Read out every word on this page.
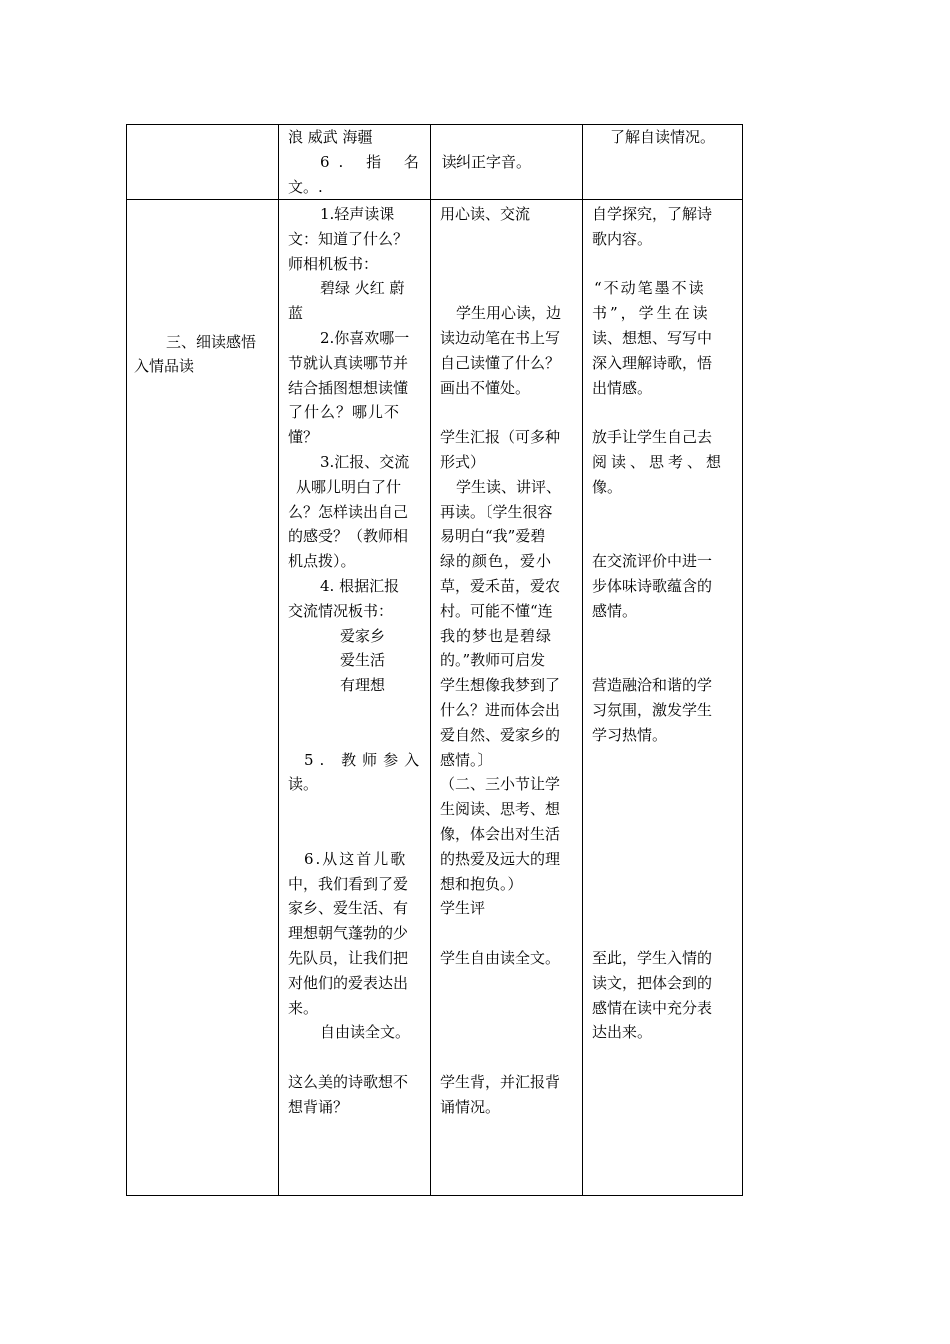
浪 威武 海疆
6. 指 名 读
文。.
纠正字音。
了解自读情况。
三、细读感悟
入情品读
1.轻声读课
文：知道了什么？
师相机板书：
碧绿 火红 蔚
蓝
2.你喜欢哪一
节就认真读哪节并
结合插图想想读懂
了什么？哪儿不
懂？
3.汇报、交流
从哪儿明白了什
么？怎样读出自己
的感受？（教师相
机点拨）。
4. 根据汇报
交流情况板书：
爱家乡
爱生活
有理想
5. 教师参入
读。
6.从这首儿歌
中，我们看到了爱
家乡、爱生活、有
理想朝气蓬勃的少
先队员，让我们把
对他们的爱表达出
来。
自由读全文。
这么美的诗歌想不
想背诵？
用心读、交流
学生用心读，边
读边动笔在书上写
自己读懂了什么？
画出不懂处。
学生汇报（可多种
形式）
学生读、讲评、
再读。〔学生很容
易明白“我”爱碧
绿的颜色，爱小
草，爱禾苗，爱农
村。可能不懂“连
我的梦也是碧绿
的。”教师可启发
学生想像我梦到了
什么？进而体会出
爱自然、爱家乡的
感情。〕
（二、三小节让学
生阅读、思考、想
像，体会出对生活
的热爱及远大的理
想和抱负。）
学生评
学生自由读全文。
学生背，并汇报背
诵情况。
自学探究，了解诗
歌内容。
“不动笔墨不读
书”，学生在读
读、想想、写写中
深入理解诗歌，悟
出情感。
放手让学生自己去
阅读、思考、想
像。
在交流评价中进一
步体味诗歌蕴含的
感情。
营造融洽和谐的学
习氛围，激发学生
学习热情。
至此，学生入情的
读文，把体会到的
感情在读中充分表
达出来。
